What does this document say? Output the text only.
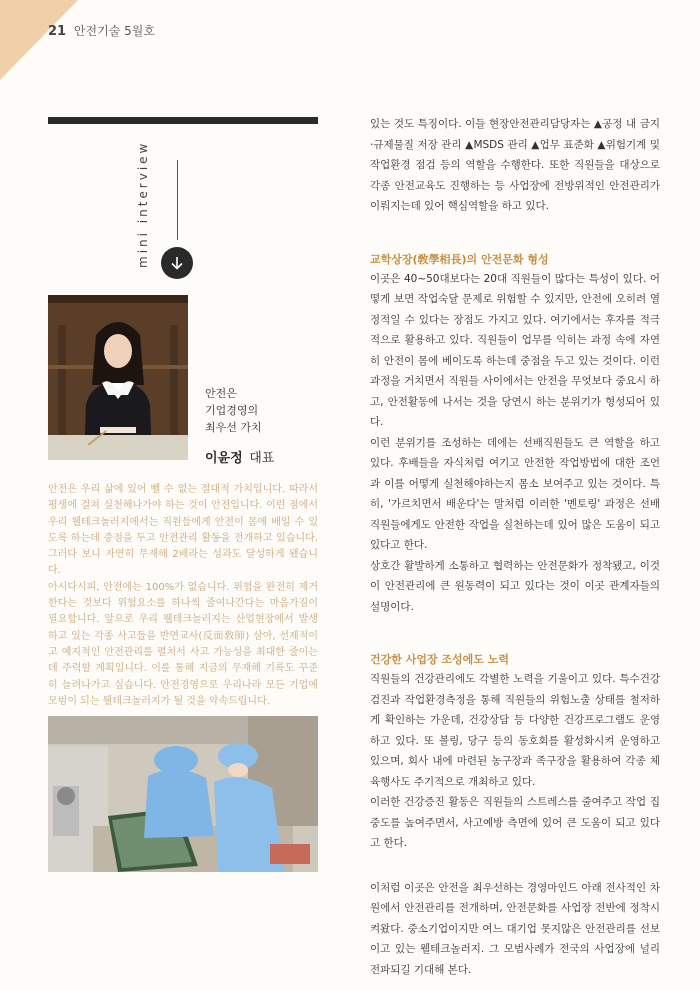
21 안전기술 5월호
mini interview
안전은
기업경영의
최우선 가치
이윤정 대표

안전은 우리 삶에 있어 뺄 수 없는 절대적 가치입니다. 따라서 평생에 걸쳐 실천해나가야 하는 것이 안전입니다. 이런 점에서 우리 웰테크놀러지에서는 직원들에게 안전이 몸에 배일 수 있도록 하는데 중점을 두고 안전관리 활동을 전개하고 있습니다. 그러다 보니 자연히 무재해 2배라는 성과도 달성하게 됐습니다.

아시다시피, 안전에는 100%가 없습니다. 위험을 완전히 제거한다는 것보다 위험요소를 하나씩 줄여나간다는 마음가짐이 필요합니다. 앞으로 우리 웰테크놀러지는 산업현장에서 발생하고 있는 각종 사고들을 반면교사(反面敎師) 삼아, 선제적이고 예지적인 안전관리를 펼쳐서 사고 가능성을 최대한 줄이는데 주력할 계획입니다. 이를 통해 지금의 무재해 기록도 꾸준히 늘려나가고 싶습니다. 안전경영으로 우리나라 모든 기업에 모범이 되는 웰테크놀러지가 될 것을 약속드립니다.

있는 것도 특징이다. 이들 현장안전관리담당자는 ▲공정 내 금지·규제물질 저장 관리 ▲MSDS 관리 ▲업무 표준화 ▲위험기계 및 작업환경 점검 등의 역할을 수행한다. 또한 직원들을 대상으로 각종 안전교육도 진행하는 등 사업장에 전방위적인 안전관리가 이뤄지는데 있어 핵심역할을 하고 있다.

교학상장(敎學相長)의 안전문화 형성

이곳은 40~50대보다는 20대 직원들이 많다는 특성이 있다. 어떻게 보면 작업숙달 문제로 위험할 수 있지만, 안전에 오히려 열정적일 수 있다는 장점도 가지고 있다. 여기에서는 후자를 적극적으로 활용하고 있다. 직원들이 업무를 익히는 과정 속에 자연히 안전이 몸에 베이도록 하는데 중점을 두고 있는 것이다. 이런 과정을 거치면서 직원들 사이에서는 안전을 무엇보다 중요시 하고, 안전활동에 나서는 것을 당연시 하는 분위기가 형성되어 있다.

이런 분위기를 조성하는 데에는 선배직원들도 큰 역할을 하고 있다. 후배들을 자식처럼 여기고 안전한 작업방법에 대한 조언과 이를 어떻게 실천해야하는지 몸소 보여주고 있는 것이다. 특히, '가르치면서 배운다'는 말처럼 이러한 '멘토링' 과정은 선배직원들에게도 안전한 작업을 실천하는데 있어 많은 도움이 되고 있다고 한다.

상호간 활발하게 소통하고 협력하는 안전문화가 정착됐고, 이것이 안전관리에 큰 원동력이 되고 있다는 것이 이곳 관계자들의 설명이다.

건강한 사업장 조성에도 노력

직원들의 건강관리에도 각별한 노력을 기울이고 있다. 특수건강검진과 작업환경측정을 통해 직원들의 위험노출 상태를 철저하게 확인하는 가운데, 건강상담 등 다양한 건강프로그램도 운영하고 있다. 또 볼링, 당구 등의 동호회를 활성화시켜 운영하고 있으며, 회사 내에 마련된 농구장과 족구장을 활용하여 각종 체육행사도 주기적으로 개최하고 있다.

이러한 건강증진 활동은 직원들의 스트레스를 줄여주고 작업 집중도를 높여주면서, 사고예방 측면에 있어 큰 도움이 되고 있다고 한다.

이처럼 이곳은 안전을 최우선하는 경영마인드 아래 전사적인 차원에서 안전관리를 전개하며, 안전문화를 사업장 전반에 정착시켜왔다. 중소기업이지만 여느 대기업 못지않은 안전관리를 선보이고 있는 웰테크놀러지. 그 모범사례가 전국의 사업장에 널리 전파되길 기대해 본다.
